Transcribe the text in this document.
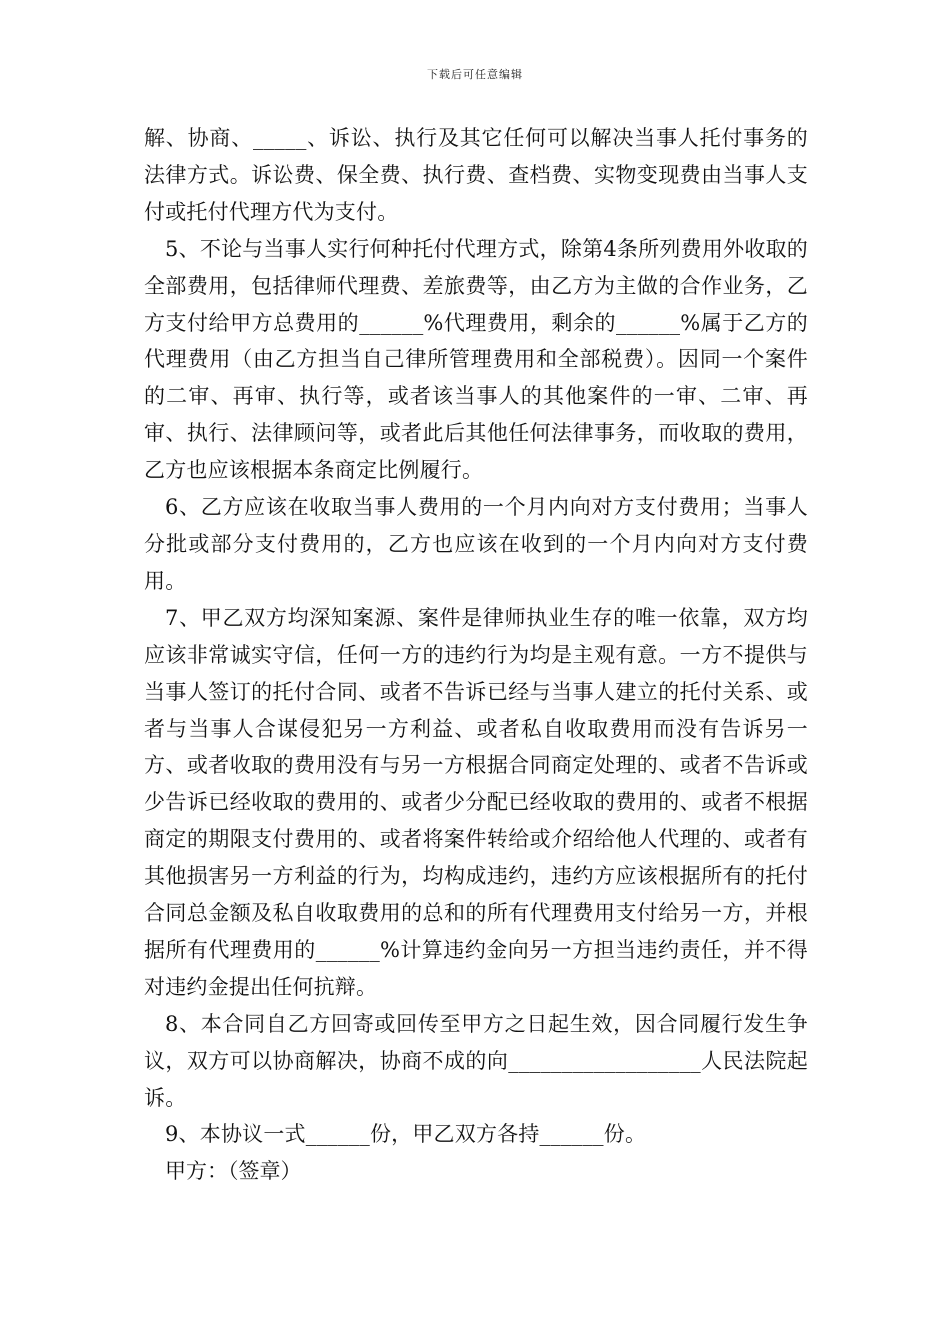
下载后可任意编辑

解、协商、_____、诉讼、执行及其它任何可以解决当事人托付事务的法律方式。诉讼费、保全费、执行费、查档费、实物变现费由当事人支付或托付代理方代为支付。

5、不论与当事人实行何种托付代理方式，除第4条所列费用外收取的全部费用，包括律师代理费、差旅费等，由乙方为主做的合作业务，乙方支付给甲方总费用的______%代理费用，剩余的______%属于乙方的代理费用（由乙方担当自己律所管理费用和全部税费）。因同一个案件的二审、再审、执行等，或者该当事人的其他案件的一审、二审、再审、执行、法律顾问等，或者此后其他任何法律事务，而收取的费用，乙方也应该根据本条商定比例履行。

6、乙方应该在收取当事人费用的一个月内向对方支付费用；当事人分批或部分支付费用的，乙方也应该在收到的一个月内向对方支付费用。

7、甲乙双方均深知案源、案件是律师执业生存的唯一依靠，双方均应该非常诚实守信，任何一方的违约行为均是主观有意。一方不提供与当事人签订的托付合同、或者不告诉已经与当事人建立的托付关系、或者与当事人合谋侵犯另一方利益、或者私自收取费用而没有告诉另一方、或者收取的费用没有与另一方根据合同商定处理的、或者不告诉或少告诉已经收取的费用的、或者少分配已经收取的费用的、或者不根据商定的期限支付费用的、或者将案件转给或介绍给他人代理的、或者有其他损害另一方利益的行为，均构成违约，违约方应该根据所有的托付合同总金额及私自收取费用的总和的所有代理费用支付给另一方，并根据所有代理费用的______%计算违约金向另一方担当违约责任，并不得对违约金提出任何抗辩。

8、本合同自乙方回寄或回传至甲方之日起生效，因合同履行发生争议，双方可以协商解决，协商不成的向__________________人民法院起诉。

9、本协议一式______份，甲乙双方各持______份。

甲方：（签章）
